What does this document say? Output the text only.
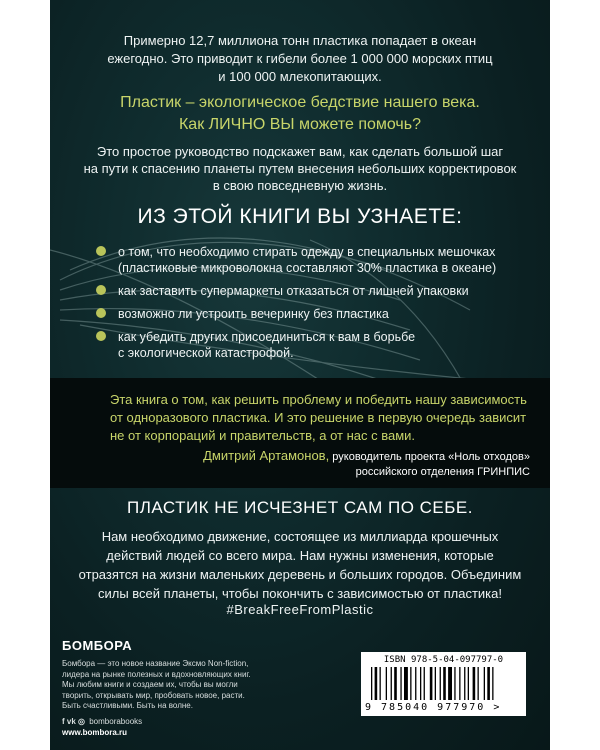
Примерно 12,7 миллиона тонн пластика попадает в океан
ежегодно. Это приводит к гибели более 1 000 000 морских птиц
и 100 000 млекопитающих.
Пластик – экологическое бедствие нашего века.
Как ЛИЧНО ВЫ можете помочь?
Это простое руководство подскажет вам, как сделать большой шаг
на пути к спасению планеты путем внесения небольших корректировок
в свою повседневную жизнь.
ИЗ ЭТОЙ КНИГИ ВЫ УЗНАЕТЕ:
о том, что необходимо стирать одежду в специальных мешочках
(пластиковые микроволокна составляют 30% пластика в океане)
как заставить супермаркеты отказаться от лишней упаковки
возможно ли устроить вечеринку без пластика
как убедить других присоединиться к вам в борьбе
с экологической катастрофой.
Эта книга о том, как решить проблему и победить нашу зависимость
от одноразового пластика. И это решение в первую очередь зависит
не от корпораций и правительств, а от нас с вами.
Дмитрий Артамонов, руководитель проекта «Ноль отходов»
российского отделения ГРИНПИС
ПЛАСТИК НЕ ИСЧЕЗНЕТ САМ ПО СЕБЕ.
Нам необходимо движение, состоящее из миллиарда крошечных
действий людей со всего мира. Нам нужны изменения, которые
отразятся на жизни маленьких деревень и больших городов. Объединим
силы всей планеты, чтобы покончить с зависимостью от пластика!
#BreakFreeFromPlastic
БОМБОРА
Бомбора — это новое название Эксмо Non-fiction,
лидера на рынке полезных и вдохновляющих книг.
Мы любим книги и создаем их, чтобы вы могли
творить, открывать мир, пробовать новое, расти.
Быть счастливыми. Быть на волне.
f vk ◎ bomborabooks
www.bombora.ru
ISBN 978-5-04-097797-0
9 785040 977970 >
